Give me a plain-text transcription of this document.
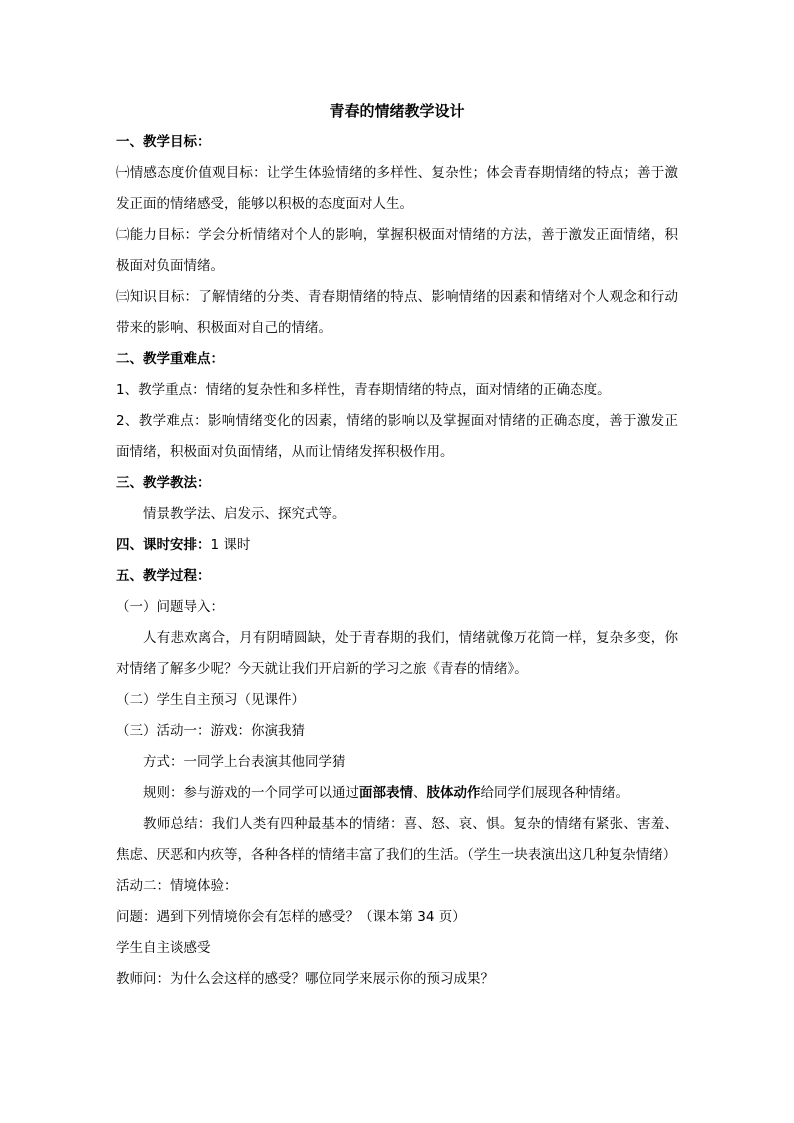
青春的情绪教学设计
一、教学目标：
㈠情感态度价值观目标：让学生体验情绪的多样性、复杂性；体会青春期情绪的特点；善于激发正面的情绪感受，能够以积极的态度面对人生。
㈡能力目标：学会分析情绪对个人的影响，掌握积极面对情绪的方法，善于激发正面情绪，积极面对负面情绪。
㈢知识目标：了解情绪的分类、青春期情绪的特点、影响情绪的因素和情绪对个人观念和行动带来的影响、积极面对自己的情绪。
二、教学重难点：
1、教学重点：情绪的复杂性和多样性，青春期情绪的特点，面对情绪的正确态度。
2、教学难点：影响情绪变化的因素，情绪的影响以及掌握面对情绪的正确态度，善于激发正面情绪，积极面对负面情绪，从而让情绪发挥积极作用。
三、教学教法：
情景教学法、启发示、探究式等。
四、课时安排：1 课时
五、教学过程：
（一）问题导入：
人有悲欢离合，月有阴晴圆缺，处于青春期的我们，情绪就像万花筒一样，复杂多变，你对情绪了解多少呢？今天就让我们开启新的学习之旅《青春的情绪》。
（二）学生自主预习（见课件）
（三）活动一：游戏：你演我猜
方式：一同学上台表演其他同学猜
规则：参与游戏的一个同学可以通过面部表情、肢体动作给同学们展现各种情绪。
教师总结：我们人类有四种最基本的情绪：喜、怒、哀、惧。复杂的情绪有紧张、害羞、焦虑、厌恶和内疚等，各种各样的情绪丰富了我们的生活。（学生一块表演出这几种复杂情绪）
活动二：情境体验：
问题：遇到下列情境你会有怎样的感受？（课本第 34 页）
学生自主谈感受
教师问：为什么会这样的感受？哪位同学来展示你的预习成果？
